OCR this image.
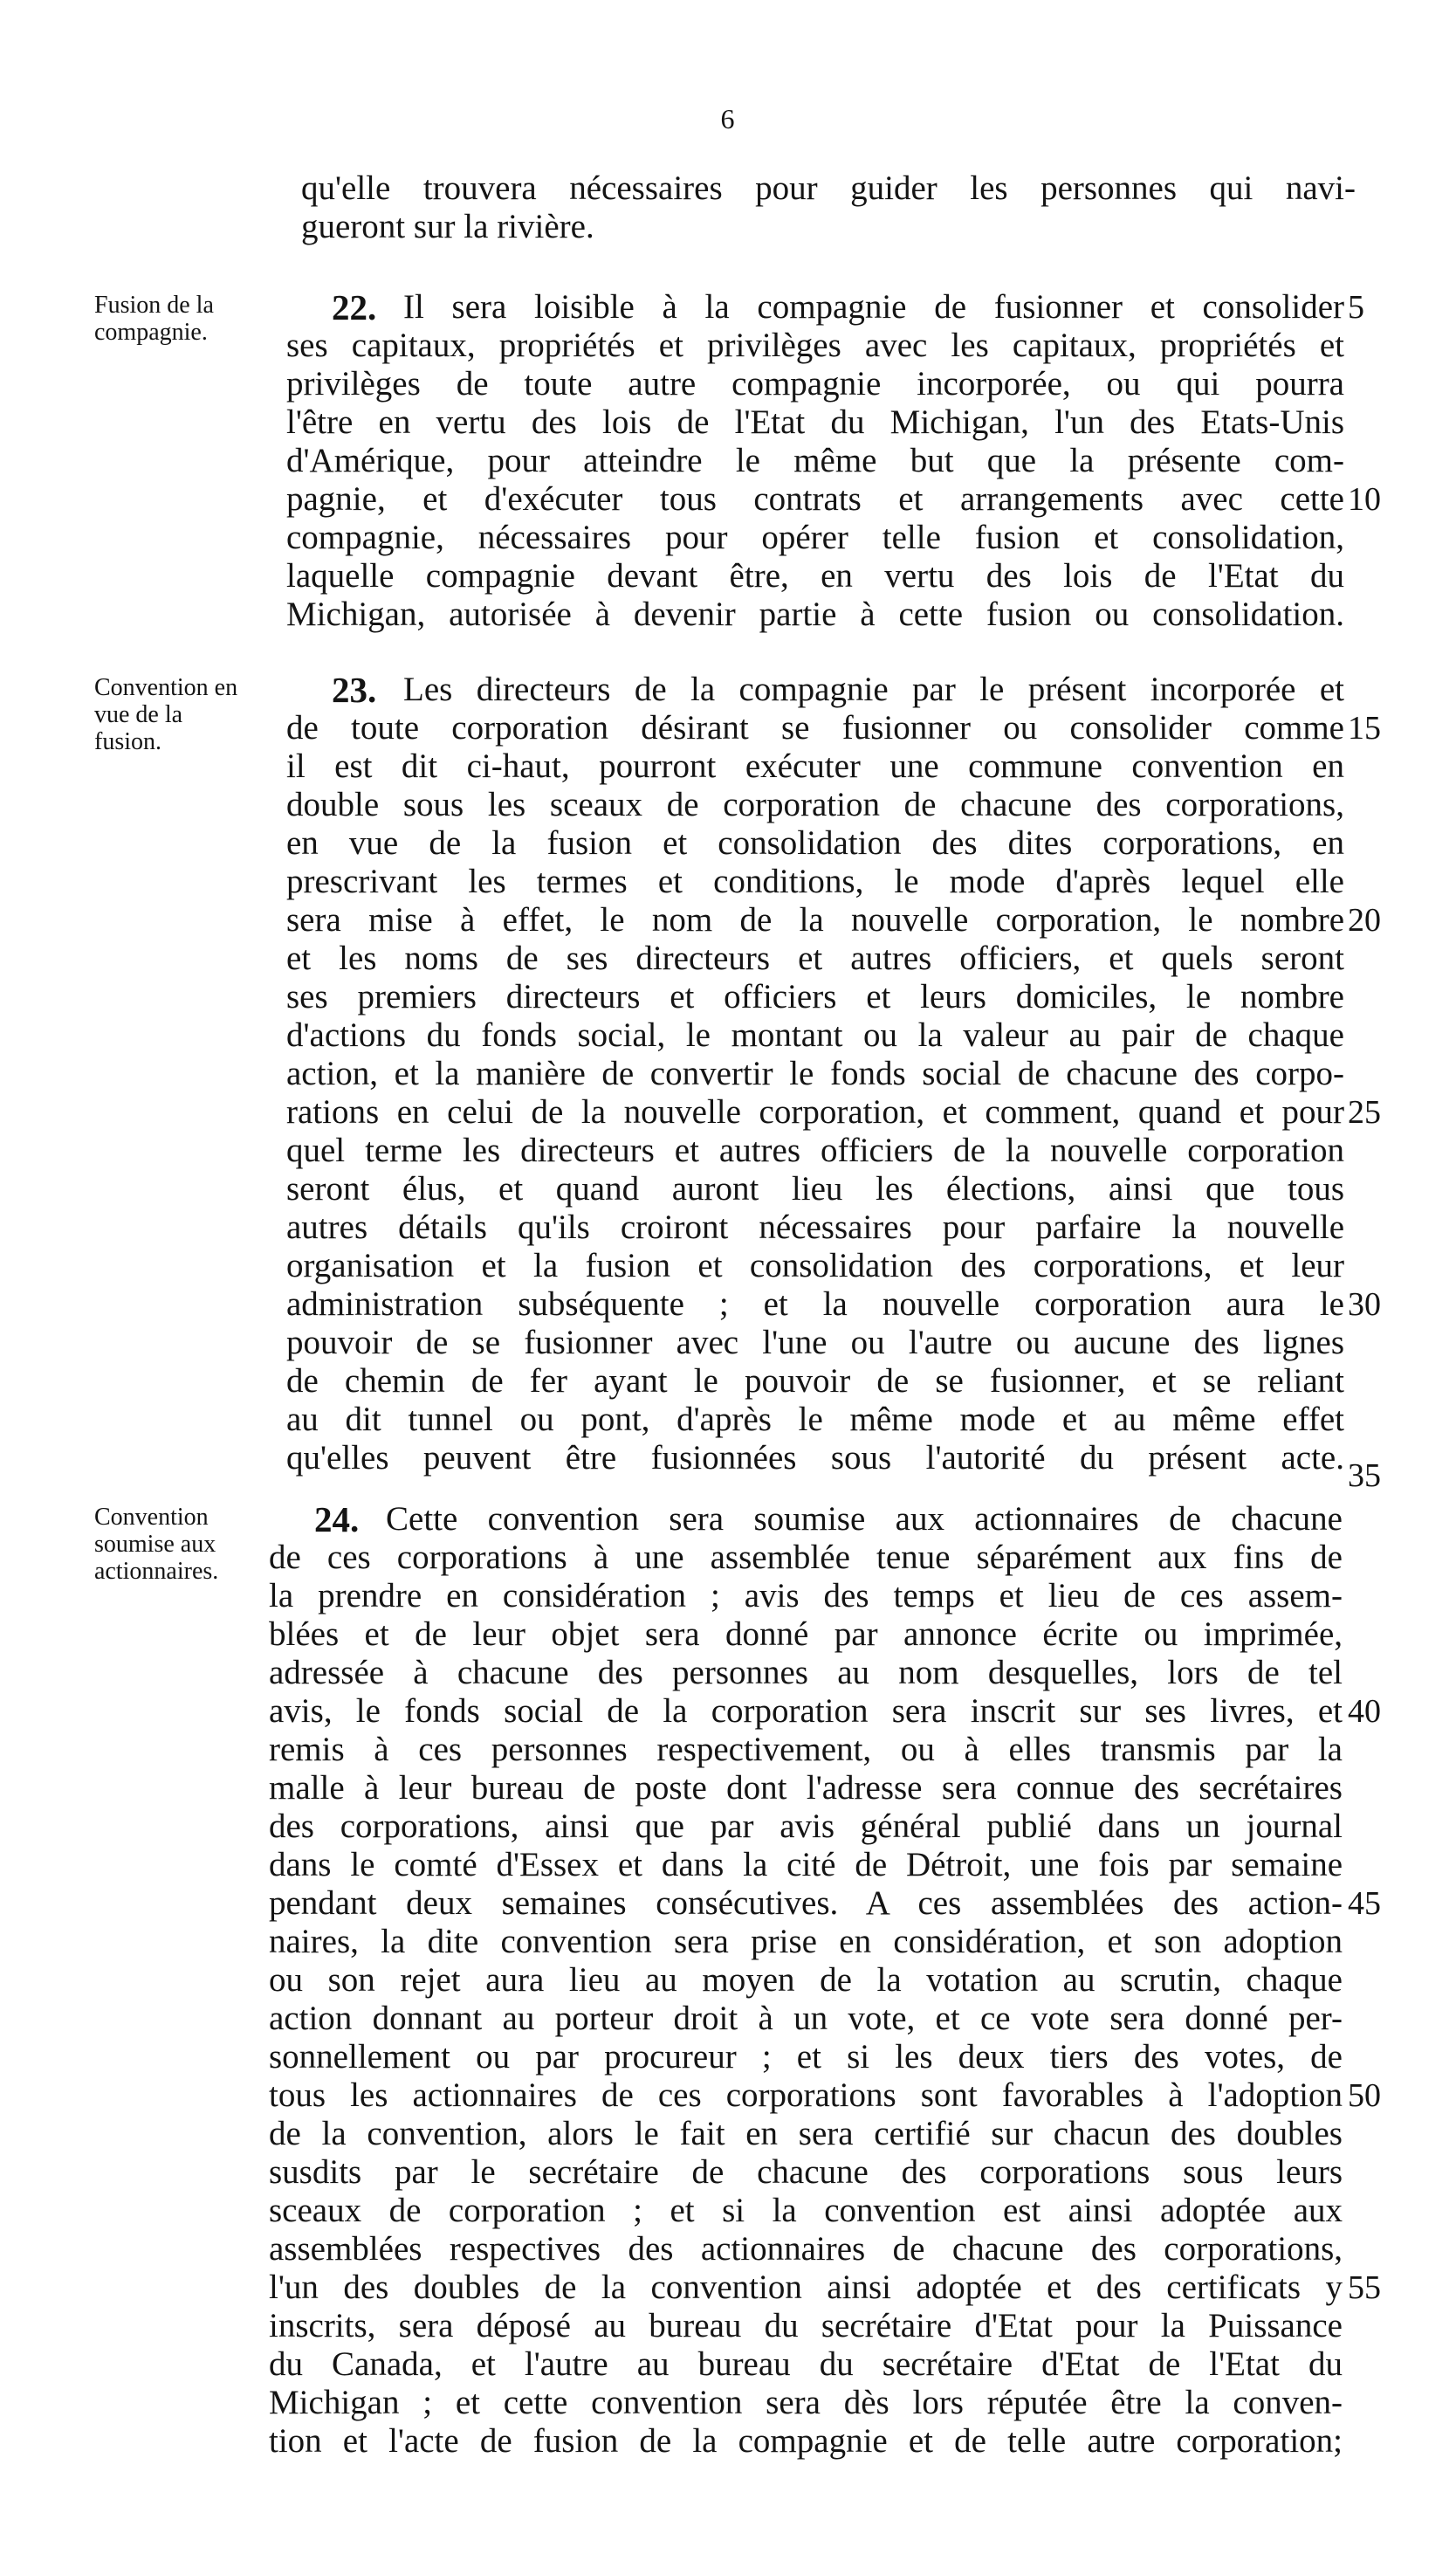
6
qu'elle trouvera nécessaires pour guider les personnes qui navi-
gueront sur la rivière.
Fusion de la
compagnie.
22. Il sera loisible à la compagnie de fusionner et consolider 5
ses capitaux, propriétés et privilèges avec les capitaux, propriétés et
privilèges de toute autre compagnie incorporée, ou qui pourra
l'être en vertu des lois de l'Etat du Michigan, l'un des Etats-Unis
d'Amérique, pour atteindre le même but que la présente com-
pagnie, et d'exécuter tous contrats et arrangements avec cette 10
compagnie, nécessaires pour opérer telle fusion et consolidation,
laquelle compagnie devant être, en vertu des lois de l'Etat du
Michigan, autorisée à devenir partie à cette fusion ou consolidation.
Convention en
vue de la
fusion.
23. Les directeurs de la compagnie par le présent incorporée et
de toute corporation désirant se fusionner ou consolider comme 15
il est dit ci-haut, pourront exécuter une commune convention en
double sous les sceaux de corporation de chacune des corporations,
en vue de la fusion et consolidation des dites corporations, en
prescrivant les termes et conditions, le mode d'après lequel elle
sera mise à effet, le nom de la nouvelle corporation, le nombre 20
et les noms de ses directeurs et autres officiers, et quels seront
ses premiers directeurs et officiers et leurs domiciles, le nombre
d'actions du fonds social, le montant ou la valeur au pair de chaque
action, et la manière de convertir le fonds social de chacune des corpo-
rations en celui de la nouvelle corporation, et comment, quand et pour 25
quel terme les directeurs et autres officiers de la nouvelle corporation
seront élus, et quand auront lieu les élections, ainsi que tous
autres détails qu'ils croiront nécessaires pour parfaire la nouvelle
organisation et la fusion et consolidation des corporations, et leur
administration subséquente ; et la nouvelle corporation aura le 30
pouvoir de se fusionner avec l'une ou l'autre ou aucune des lignes
de chemin de fer ayant le pouvoir de se fusionner, et se reliant
au dit tunnel ou pont, d'après le même mode et au même effet
qu'elles peuvent être fusionnées sous l'autorité du présent acte.
Convention
soumise aux
actionnaires.
24. Cette convention sera soumise aux actionnaires de chacune
de ces corporations à une assemblée tenue séparément aux fins de
la prendre en considération ; avis des temps et lieu de ces assem-
blées et de leur objet sera donné par annonce écrite ou imprimée,
adressée à chacune des personnes au nom desquelles, lors de tel
avis, le fonds social de la corporation sera inscrit sur ses livres, et 40
remis à ces personnes respectivement, ou à elles transmis par la
malle à leur bureau de poste dont l'adresse sera connue des secrétaires
des corporations, ainsi que par avis général publié dans un journal
dans le comté d'Essex et dans la cité de Détroit, une fois par semaine
pendant deux semaines consécutives. A ces assemblées des action- 45
naires, la dite convention sera prise en considération, et son adoption
ou son rejet aura lieu au moyen de la votation au scrutin, chaque
action donnant au porteur droit à un vote, et ce vote sera donné per-
sonnellement ou par procureur ; et si les deux tiers des votes, de
tous les actionnaires de ces corporations sont favorables à l'adoption 50
de la convention, alors le fait en sera certifié sur chacun des doubles
susdits par le secrétaire de chacune des corporations sous leurs
sceaux de corporation ; et si la convention est ainsi adoptée aux
assemblées respectives des actionnaires de chacune des corporations,
l'un des doubles de la convention ainsi adoptée et des certificats y 55
inscrits, sera déposé au bureau du secrétaire d'Etat pour la Puissance
du Canada, et l'autre au bureau du secrétaire d'Etat de l'Etat du
Michigan ; et cette convention sera dès lors réputée être la conven-
tion et l'acte de fusion de la compagnie et de telle autre corporation;
35
